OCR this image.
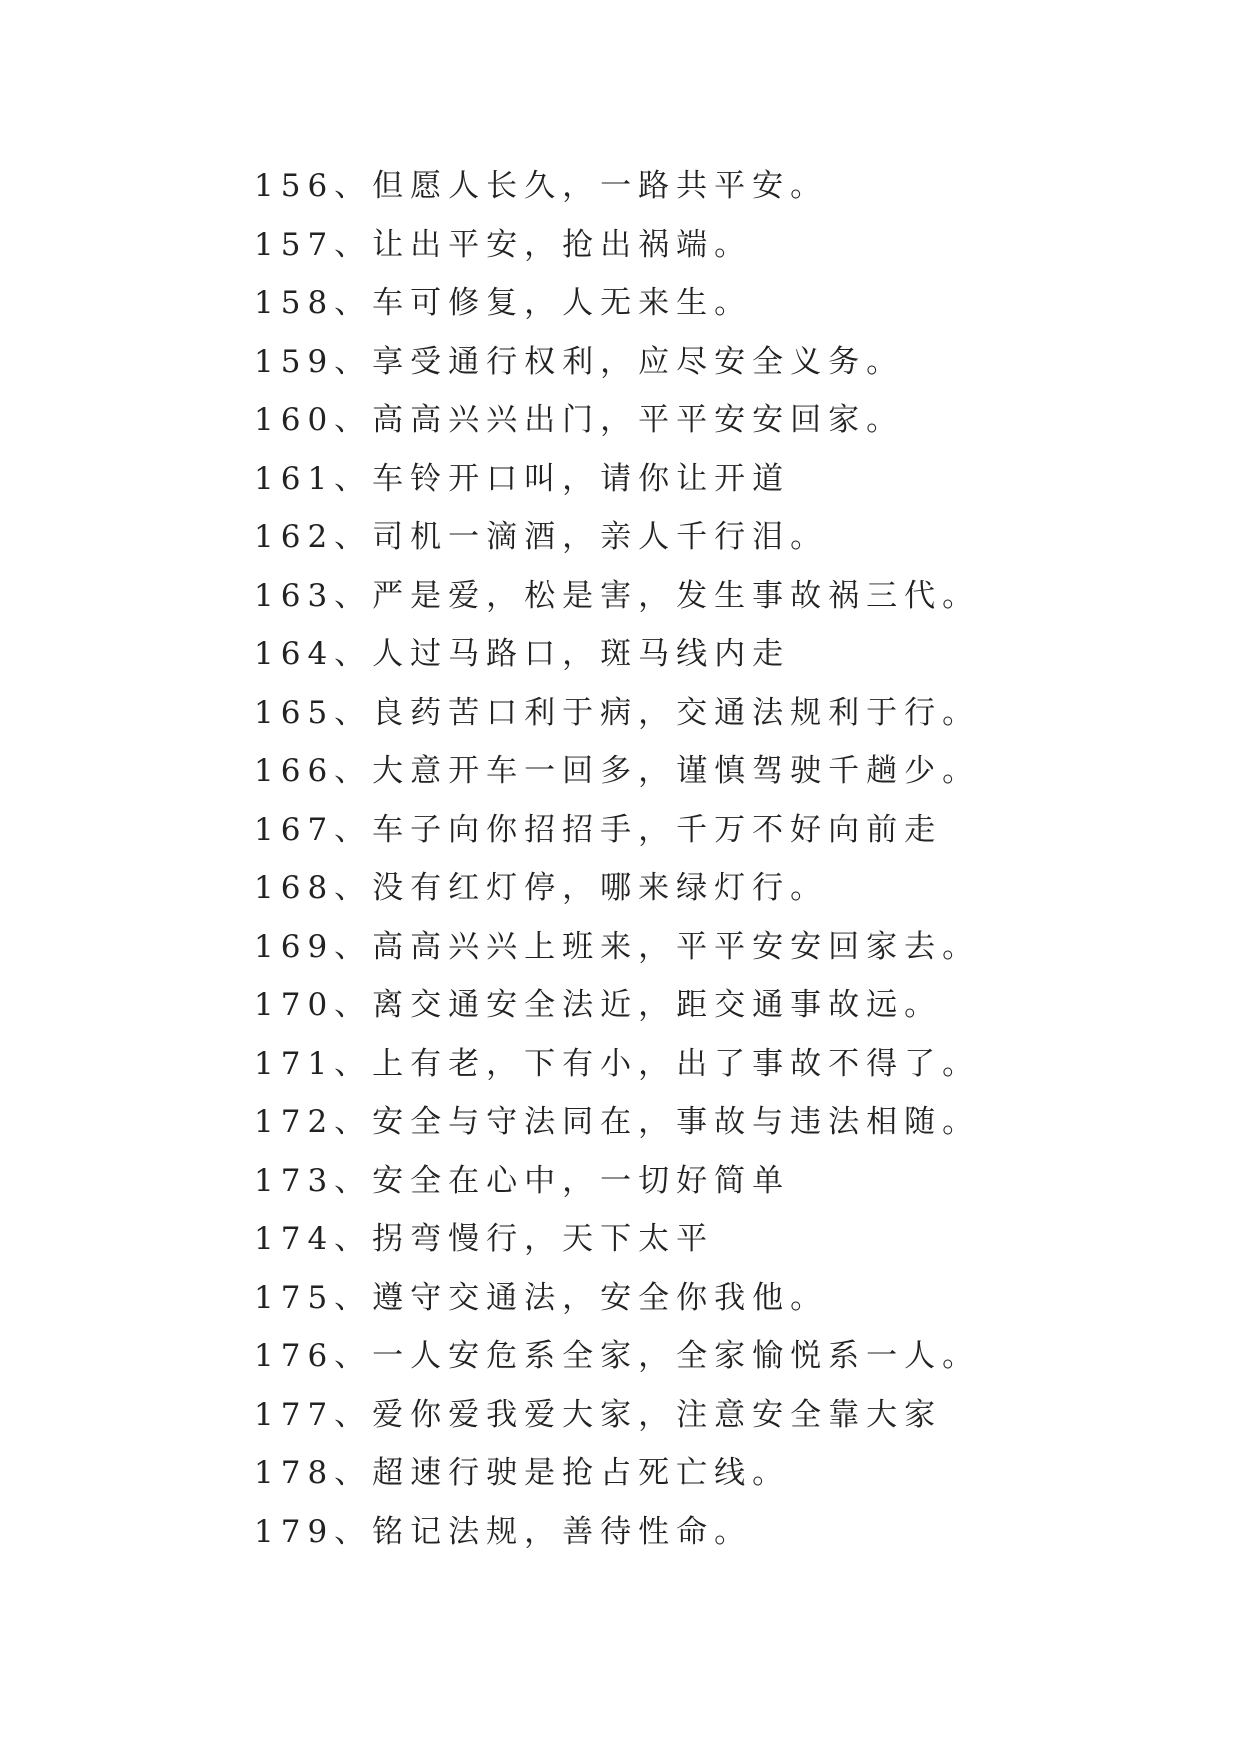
156、但愿人长久，一路共平安。
157、让出平安，抢出祸端。
158、车可修复，人无来生。
159、享受通行权利，应尽安全义务。
160、高高兴兴出门，平平安安回家。
161、车铃开口叫，请你让开道
162、司机一滴酒，亲人千行泪。
163、严是爱，松是害，发生事故祸三代。
164、人过马路口，斑马线内走
165、良药苦口利于病，交通法规利于行。
166、大意开车一回多，谨慎驾驶千趟少。
167、车子向你招招手，千万不好向前走
168、没有红灯停，哪来绿灯行。
169、高高兴兴上班来，平平安安回家去。
170、离交通安全法近，距交通事故远。
171、上有老，下有小，出了事故不得了。
172、安全与守法同在，事故与违法相随。
173、安全在心中，一切好简单
174、拐弯慢行，天下太平
175、遵守交通法，安全你我他。
176、一人安危系全家，全家愉悦系一人。
177、爱你爱我爱大家，注意安全靠大家
178、超速行驶是抢占死亡线。
179、铭记法规，善待性命。
